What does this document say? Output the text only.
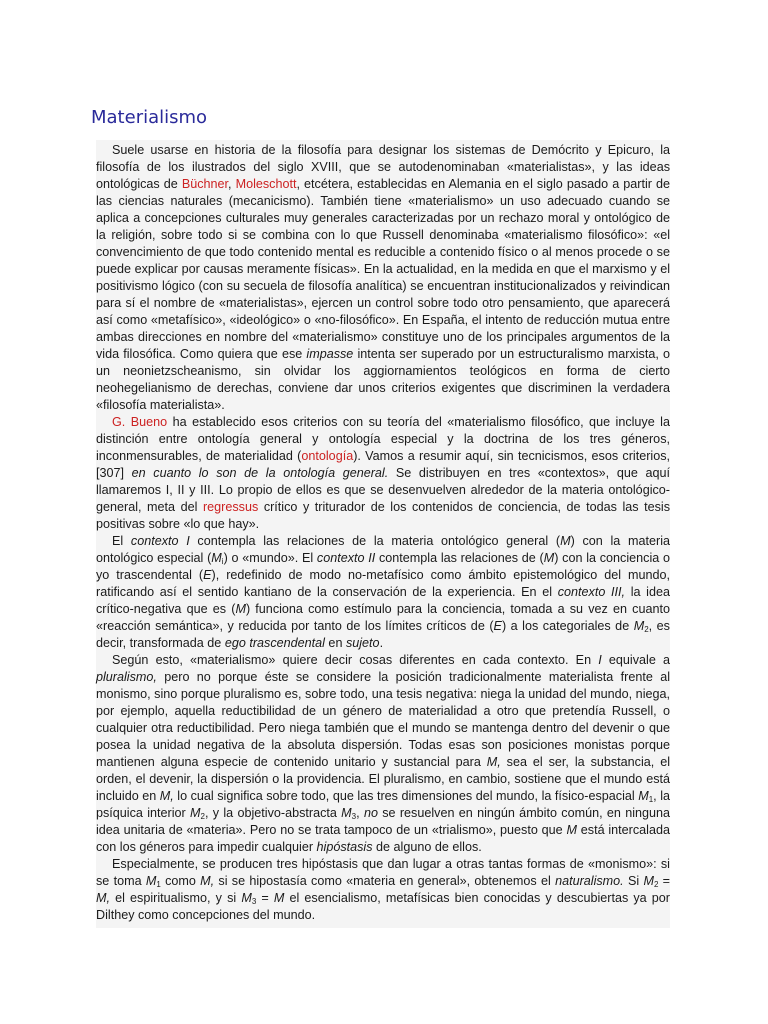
Materialismo

Suele usarse en historia de la filosofía para designar los sistemas de Demócrito y Epicuro, la filosofía de los ilustrados del siglo XVIII, que se autodenominaban «materialistas», y las ideas ontológicas de Büchner, Moleschott, etcétera, establecidas en Alemania en el siglo pasado a partir de las ciencias naturales (mecanicismo). También tiene «materialismo» un uso adecuado cuando se aplica a concepciones culturales muy generales caracterizadas por un rechazo moral y ontológico de la religión, sobre todo si se combina con lo que Russell denominaba «materialismo filosófico»: «el convencimiento de que todo contenido mental es reducible a contenido físico o al menos procede o se puede explicar por causas meramente físicas». En la actualidad, en la medida en que el marxismo y el positivismo lógico (con su secuela de filosofía analítica) se encuentran institucionalizados y reivindican para sí el nombre de «materialistas», ejercen un control sobre todo otro pensamiento, que aparecerá así como «metafísico», «ideológico» o «no-filosófico». En España, el intento de reducción mutua entre ambas direcciones en nombre del «materialismo» constituye uno de los principales argumentos de la vida filosófica. Como quiera que ese impasse intenta ser superado por un estructuralismo marxista, o un neonietzscheanismo, sin olvidar los aggiornamientos teológicos en forma de cierto neohegelianismo de derechas, conviene dar unos criterios exigentes que discriminen la verdadera «filosofía materialista».

G. Bueno ha establecido esos criterios con su teoría del «materialismo filosófico, que incluye la distinción entre ontología general y ontología especial y la doctrina de los tres géneros, inconmensurables, de materialidad (ontología). Vamos a resumir aquí, sin tecnicismos, esos criterios, [307] en cuanto lo son de la ontología general. Se distribuyen en tres «contextos», que aquí llamaremos I, II y III. Lo propio de ellos es que se desenvuelven alrededor de la materia ontológico-general, meta del regressus crítico y triturador de los contenidos de conciencia, de todas las tesis positivas sobre «lo que hay».

El contexto I contempla las relaciones de la materia ontológico general (M) con la materia ontológico especial $(M_i)$ o «mundo». El contexto II contempla las relaciones de (M) con la conciencia o yo trascendental (E), redefinido de modo no-metafísico como ámbito epistemológico del mundo, ratificando así el sentido kantiano de la conservación de la experiencia. En el contexto III, la idea crítico-negativa que es (M) funciona como estímulo para la conciencia, tomada a su vez en cuanto «reacción semántica», y reducida por tanto de los límites críticos de (E) a los categoriales de $M_2$, es decir, transformada de ego trascendental en sujeto.

Según esto, «materialismo» quiere decir cosas diferentes en cada contexto. En I equivale a pluralismo, pero no porque éste se considere la posición tradicionalmente materialista frente al monismo, sino porque pluralismo es, sobre todo, una tesis negativa: niega la unidad del mundo, niega, por ejemplo, aquella reductibilidad de un género de materialidad a otro que pretendía Russell, o cualquier otra reductibilidad. Pero niega también que el mundo se mantenga dentro del devenir o que posea la unidad negativa de la absoluta dispersión. Todas esas son posiciones monistas porque mantienen alguna especie de contenido unitario y sustancial para M, sea el ser, la substancia, el orden, el devenir, la dispersión o la providencia. El pluralismo, en cambio, sostiene que el mundo está incluido en M, lo cual significa sobre todo, que las tres dimensiones del mundo, la físico-espacial $M_1$, la psíquica interior $M_2$, y la objetivo-abstracta $M_3$, no se resuelven en ningún ámbito común, en ninguna idea unitaria de «materia». Pero no se trata tampoco de un «trialismo», puesto que M está intercalada con los géneros para impedir cualquier hipóstasis de alguno de ellos.

Especialmente, se producen tres hipóstasis que dan lugar a otras tantas formas de «monismo»: si se toma $M_1$ como M, si se hipostasía como «materia en general», obtenemos el naturalismo. Si $M_2 = M$, el espiritualismo, y si $M_3 = M$ el esencialismo, metafísicas bien conocidas y descubiertas ya por Dilthey como concepciones del mundo.
